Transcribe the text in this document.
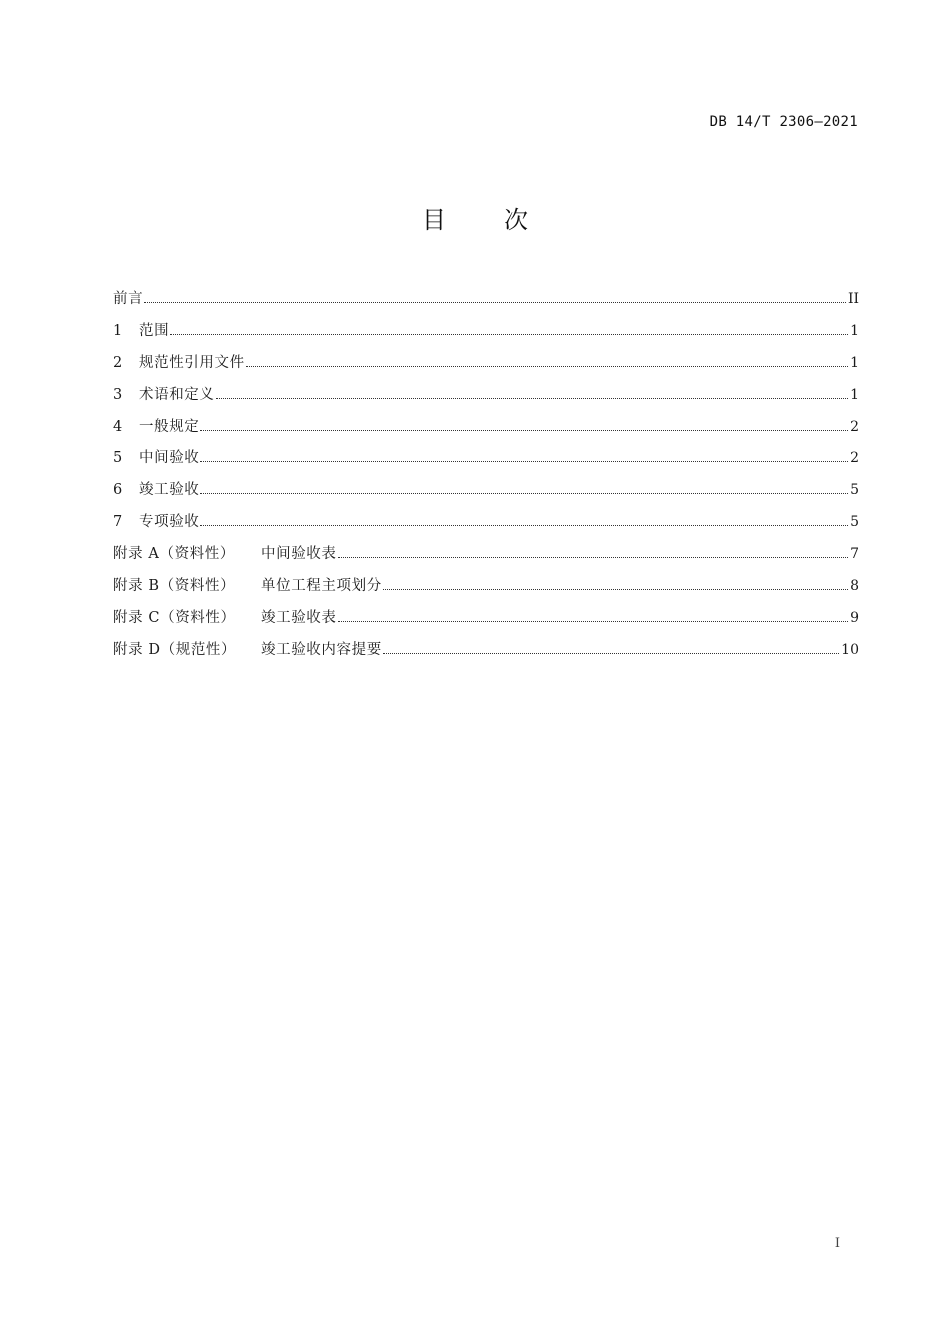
DB 14/T 2306—2021
目次
前言	II
1	范围	1
2	规范性引用文件	1
3	术语和定义	1
4	一般规定	2
5	中间验收	2
6	竣工验收	5
7	专项验收	5
附录 A（资料性）	中间验收表	7
附录 B（资料性）	单位工程主项划分	8
附录 C（资料性）	竣工验收表	9
附录 D（规范性）	竣工验收内容提要	10
I
